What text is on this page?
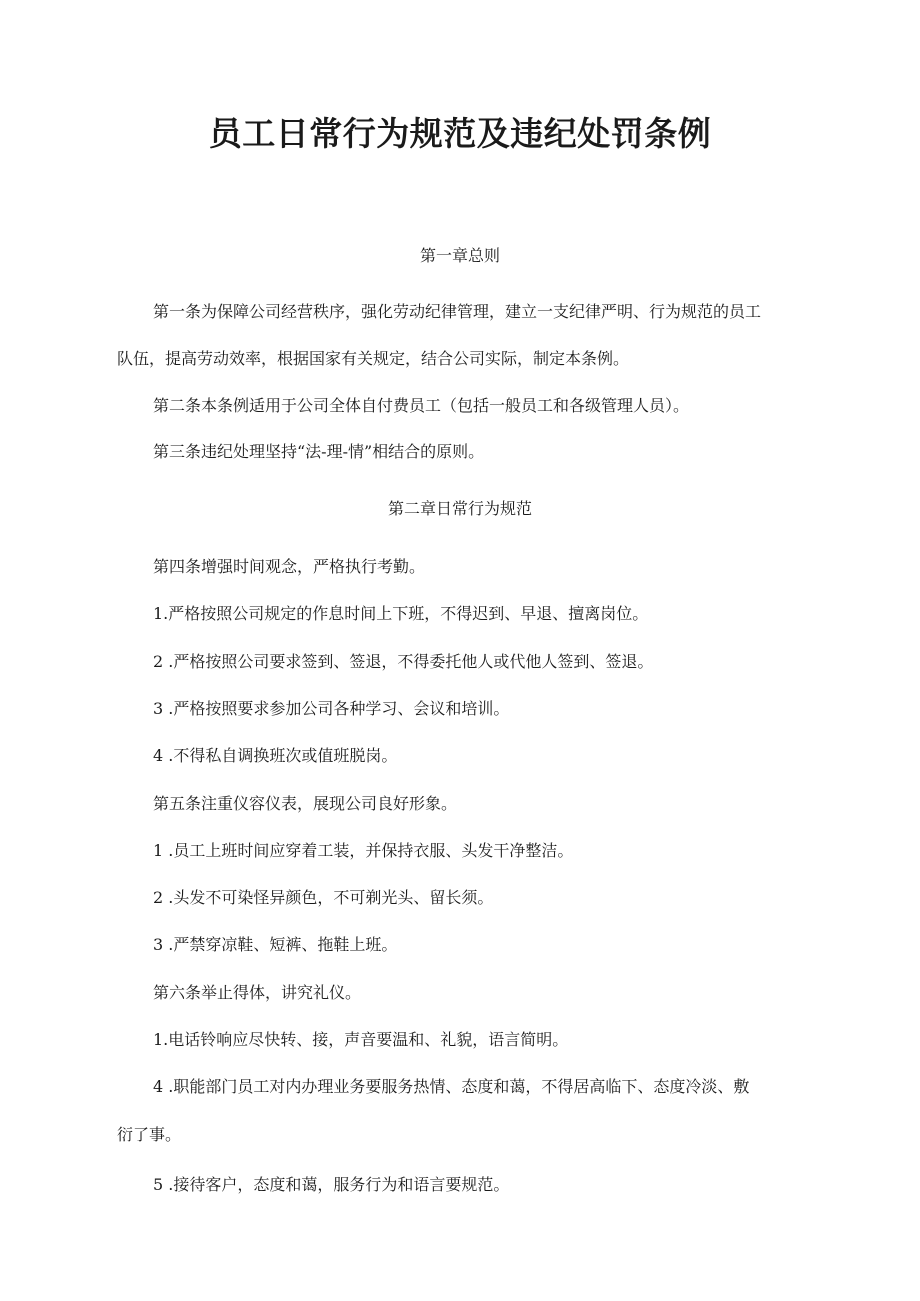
员工日常行为规范及违纪处罚条例

第一章总则

第一条为保障公司经营秩序，强化劳动纪律管理，建立一支纪律严明、行为规范的员工

队伍，提高劳动效率，根据国家有关规定，结合公司实际，制定本条例。

第二条本条例适用于公司全体自付费员工（包括一般员工和各级管理人员）。

第三条违纪处理坚持“法-理-情”相结合的原则。

第二章日常行为规范

第四条增强时间观念，严格执行考勤。

1.严格按照公司规定的作息时间上下班，不得迟到、早退、擅离岗位。

2 .严格按照公司要求签到、签退，不得委托他人或代他人签到、签退。

3 .严格按照要求参加公司各种学习、会议和培训。

4 .不得私自调换班次或值班脱岗。

第五条注重仪容仪表，展现公司良好形象。

1 .员工上班时间应穿着工装，并保持衣服、头发干净整洁。

2 .头发不可染怪异颜色，不可剃光头、留长须。

3 .严禁穿凉鞋、短裤、拖鞋上班。

第六条举止得体，讲究礼仪。

1.电话铃响应尽快转、接，声音要温和、礼貌，语言简明。

4 .职能部门员工对内办理业务要服务热情、态度和蔼，不得居高临下、态度冷淡、敷

衍了事。

5 .接待客户，态度和蔼，服务行为和语言要规范。
